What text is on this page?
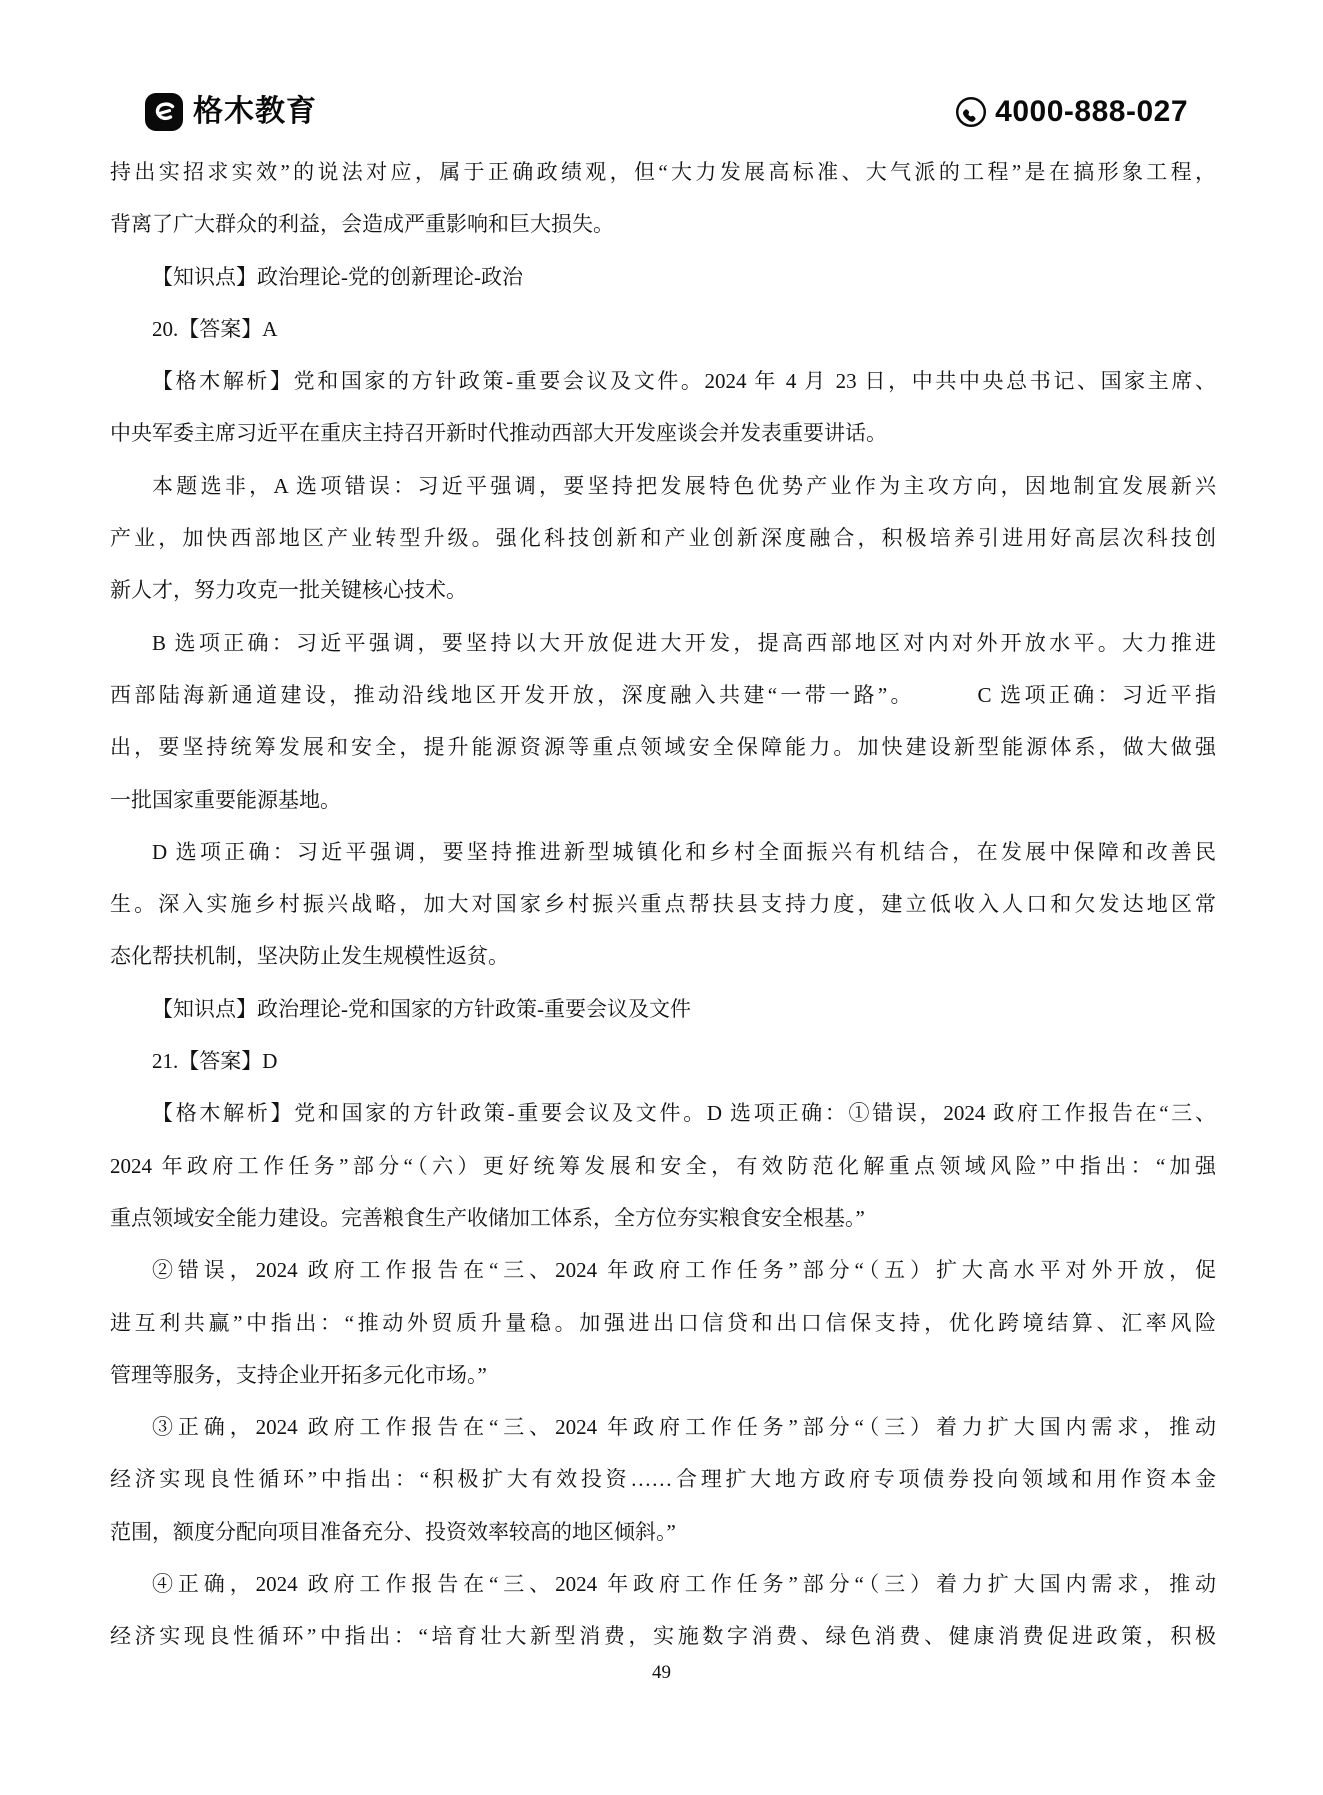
格木教育	4000-888-027
持出实招求实效”的说法对应，属于正确政绩观，但“大力发展高标准、大气派的工程”是在搞形象工程，
背离了广大群众的利益，会造成严重影响和巨大损失。
【知识点】政治理论-党的创新理论-政治
20.【答案】A
【格木解析】党和国家的方针政策-重要会议及文件。2024 年 4 月 23 日，中共中央总书记、国家主席、
中央军委主席习近平在重庆主持召开新时代推动西部大开发座谈会并发表重要讲话。
本题选非，A 选项错误：习近平强调，要坚持把发展特色优势产业作为主攻方向，因地制宜发展新兴
产业，加快西部地区产业转型升级。强化科技创新和产业创新深度融合，积极培养引进用好高层次科技创
新人才，努力攻克一批关键核心技术。
B 选项正确：习近平强调，要坚持以大开放促进大开发，提高西部地区对内对外开放水平。大力推进
西部陆海新通道建设，推动沿线地区开发开放，深度融入共建“一带一路”。　　　C 选项正确：习近平指
出，要坚持统筹发展和安全，提升能源资源等重点领域安全保障能力。加快建设新型能源体系，做大做强
一批国家重要能源基地。
D 选项正确：习近平强调，要坚持推进新型城镇化和乡村全面振兴有机结合，在发展中保障和改善民
生。深入实施乡村振兴战略，加大对国家乡村振兴重点帮扶县支持力度，建立低收入人口和欠发达地区常
态化帮扶机制，坚决防止发生规模性返贫。
【知识点】政治理论-党和国家的方针政策-重要会议及文件
21.【答案】D
【格木解析】党和国家的方针政策-重要会议及文件。D 选项正确：①错误，2024 政府工作报告在“三、
2024 年政府工作任务”部分“（六）更好统筹发展和安全，有效防范化解重点领域风险”中指出：“加强
重点领域安全能力建设。完善粮食生产收储加工体系，全方位夯实粮食安全根基。”
②错误，2024 政府工作报告在“三、2024 年政府工作任务”部分“（五）扩大高水平对外开放，促
进互利共赢”中指出：“推动外贸质升量稳。加强进出口信贷和出口信保支持，优化跨境结算、汇率风险
管理等服务，支持企业开拓多元化市场。”
③正确，2024 政府工作报告在“三、2024 年政府工作任务”部分“（三）着力扩大国内需求，推动
经济实现良性循环”中指出：“积极扩大有效投资……合理扩大地方政府专项债券投向领域和用作资本金
范围，额度分配向项目准备充分、投资效率较高的地区倾斜。”
④正确，2024 政府工作报告在“三、2024 年政府工作任务”部分“（三）着力扩大国内需求，推动
经济实现良性循环”中指出：“培育壮大新型消费，实施数字消费、绿色消费、健康消费促进政策，积极
49
